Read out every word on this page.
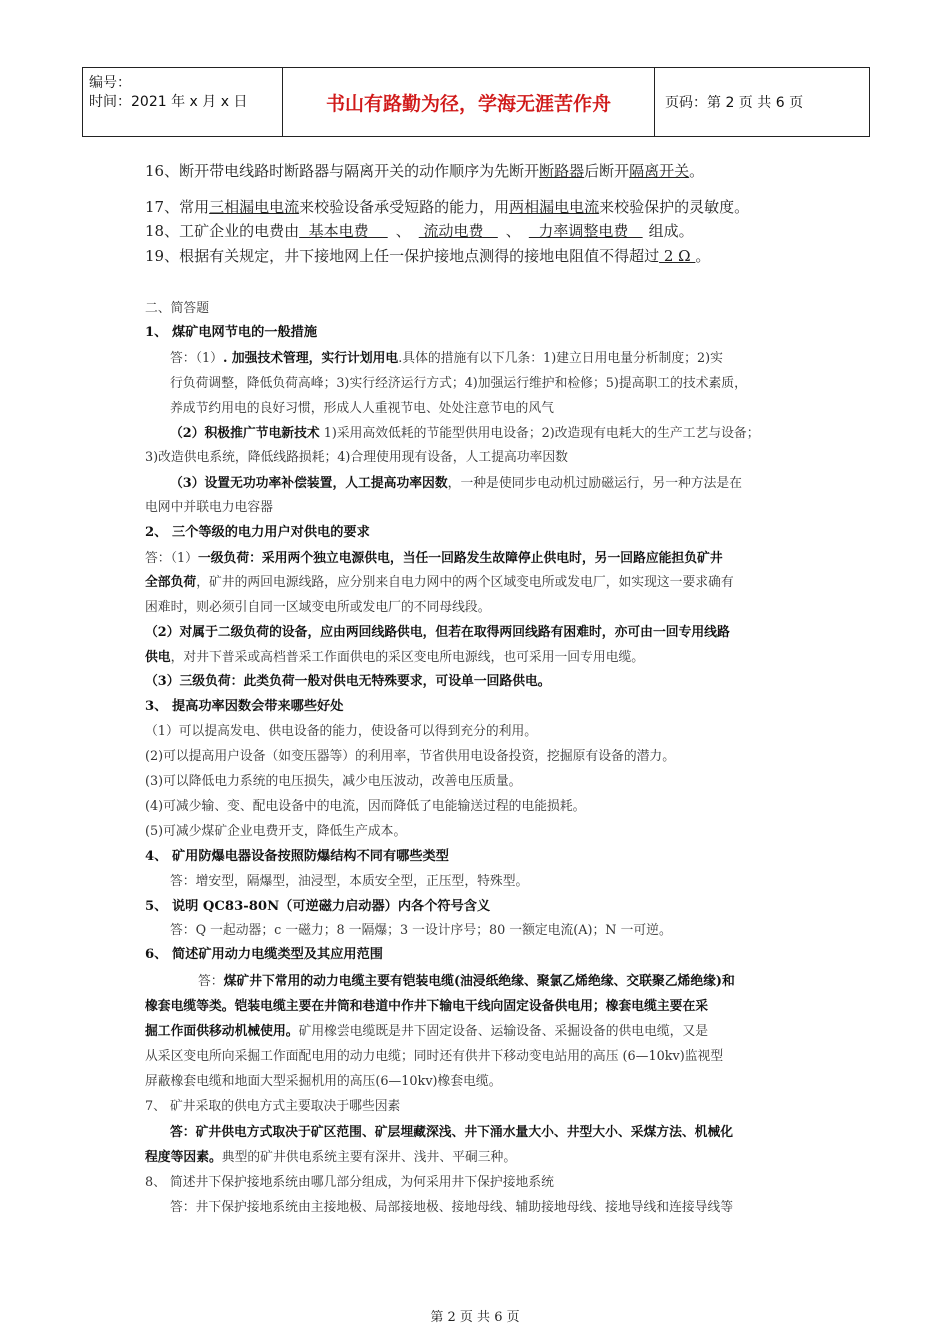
编号：
时间：2021 年 x 月 x 日	书山有路勤为径，学海无涯苦作舟	页码：第 2 页 共 6 页
16、断开带电线路时断路器与隔离开关的动作顺序为先断开断路器后断开隔离开关。
17、常用三相漏电电流来校验设备承受短路的能力，用两相漏电电流来校验保护的灵敏度。
18、工矿企业的电费由  基本电费    、 流动电费   、  力率调整电费   组成。
19、根据有关规定，井下接地网上任一保护接地点测得的接地电阻值不得超过 2 Ω 。
二、简答题
1、 煤矿电网节电的一般措施
答：（1）. 加强技术管理，实行计划用电.具体的措施有以下几条：1)建立日用电量分析制度；2)实
行负荷调整，降低负荷高峰；3)实行经济运行方式；4)加强运行维护和检修；5)提高职工的技术素质，
养成节约用电的良好习惯，形成人人重视节电、处处注意节电的风气
（2）积极推广节电新技术 1)采用高效低耗的节能型供用电设备；2)改造现有电耗大的生产工艺与设备；
3)改造供电系统，降低线路损耗；4)合理使用现有设备，人工提高功率因数
（3）设置无功功率补偿装置，人工提高功率因数，一种是使同步电动机过励磁运行，另一种方法是在
电网中并联电力电容器
2、 三个等级的电力用户对供电的要求
答：（1）一级负荷：采用两个独立电源供电，当任一回路发生故障停止供电时，另一回路应能担负矿井
全部负荷，矿井的两回电源线路，应分别来自电力网中的两个区域变电所或发电厂，如实现这一要求确有
困难时，则必须引自同一区域变电所或发电厂的不同母线段。
（2）对属于二级负荷的设备，应由两回线路供电，但若在取得两回线路有困难时，亦可由一回专用线路
供电，对井下普采或高档普采工作面供电的采区变电所电源线，也可采用一回专用电缆。
（3）三级负荷：此类负荷一般对供电无特殊要求，可设单一回路供电。
3、 提高功率因数会带来哪些好处
（1）可以提高发电、供电设备的能力，使设备可以得到充分的利用。
(2)可以提高用户设备（如变压器等）的利用率，节省供用电设备投资，挖掘原有设备的潜力。
(3)可以降低电力系统的电压损失，减少电压波动，改善电压质量。
(4)可减少输、变、配电设备中的电流，因而降低了电能输送过程的电能损耗。
(5)可减少煤矿企业电费开支，降低生产成本。
4、 矿用防爆电器设备按照防爆结构不同有哪些类型
答：增安型，隔爆型，油浸型，本质安全型，正压型，特殊型。
5、 说明 QC83-80N（可逆磁力启动器）内各个符号含义
答：Q 一起动器；c 一磁力；8 一隔爆；3 一设计序号；80 一额定电流(A)；N 一可逆。
6、 简述矿用动力电缆类型及其应用范围
答：煤矿井下常用的动力电缆主要有铠装电缆(油浸纸绝缘、聚氯乙烯绝缘、交联聚乙烯绝缘)和
橡套电缆等类。铠装电缆主要在井筒和巷道中作井下输电干线向固定设备供电用；橡套电缆主要在采
掘工作面供移动机械使用。矿用橡尝电缆既是井下固定设备、运输设备、采掘设备的供电电缆，又是
从采区变电所向采掘工作面配电用的动力电缆；同时还有供井下移动变电站用的高压 (6—10kv)监视型
屏蔽橡套电缆和地面大型采掘机用的高压(6—10kv)橡套电缆。
7、 矿井采取的供电方式主要取决于哪些因素
答：矿井供电方式取决于矿区范围、矿层埋藏深浅、井下涌水量大小、井型大小、采煤方法、机械化
程度等因素。典型的矿井供电系统主要有深井、浅井、平硐三种。
8、 简述井下保护接地系统由哪几部分组成，为何采用井下保护接地系统
答：井下保护接地系统由主接地极、局部接地极、接地母线、辅助接地母线、接地导线和连接导线等
第 2 页 共 6 页
